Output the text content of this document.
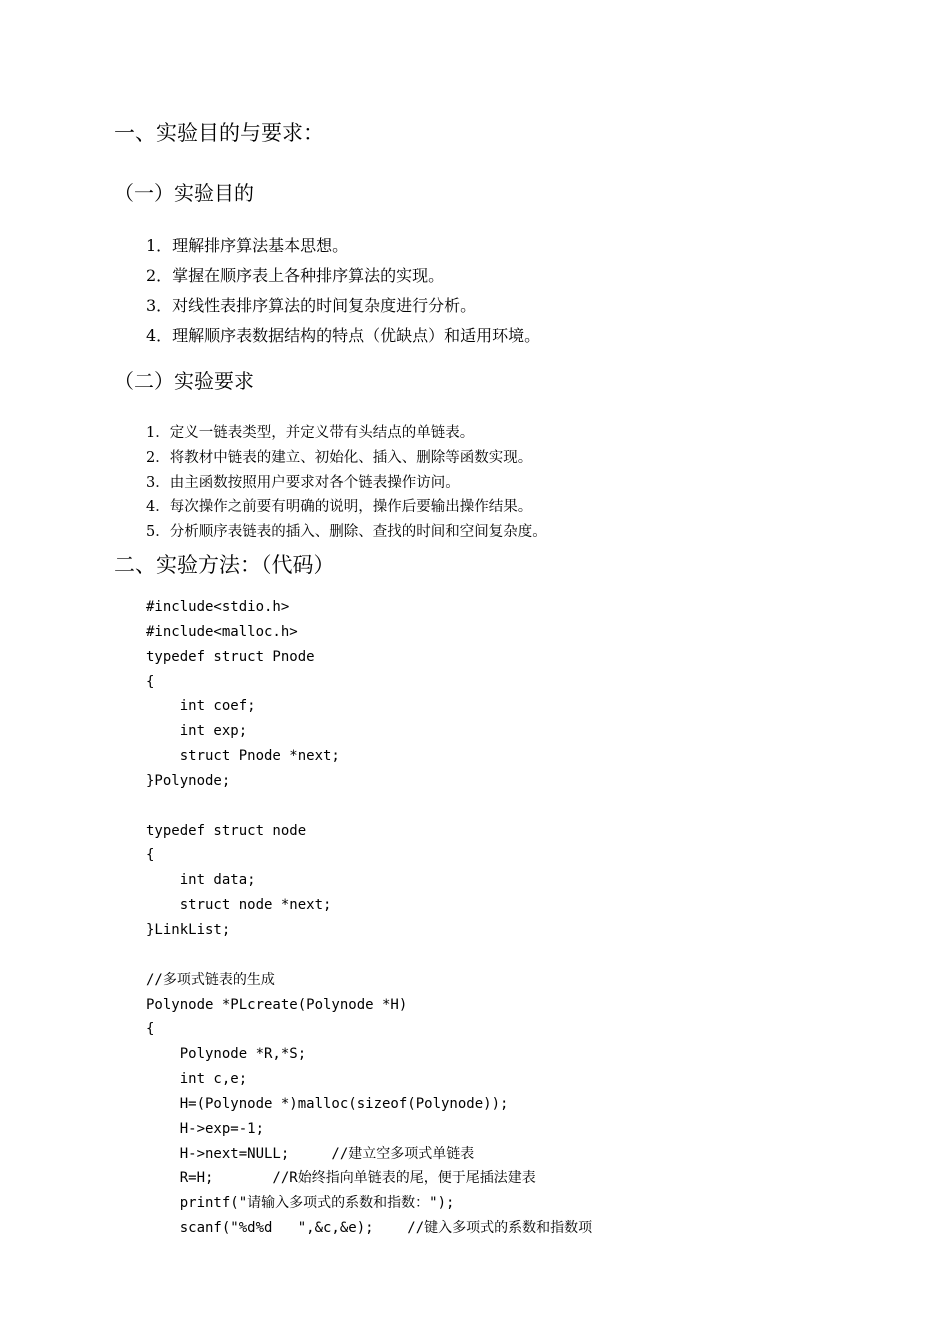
一、实验目的与要求：
（一）实验目的
1．理解排序算法基本思想。
2．掌握在顺序表上各种排序算法的实现。
3．对线性表排序算法的时间复杂度进行分析。
4．理解顺序表数据结构的特点（优缺点）和适用环境。
（二）实验要求
1．定义一链表类型，并定义带有头结点的单链表。
2．将教材中链表的建立、初始化、插入、删除等函数实现。
3．由主函数按照用户要求对各个链表操作访问。
4．每次操作之前要有明确的说明，操作后要输出操作结果。
5．分析顺序表链表的插入、删除、查找的时间和空间复杂度。
二、实验方法：（代码）
#include<stdio.h>
#include<malloc.h>
typedef struct Pnode
{
int coef;
int exp;
struct Pnode *next;
}Polynode;
typedef struct node
{
int data;
struct node *next;
}LinkList;
//多项式链表的生成
Polynode *PLcreate(Polynode *H)
{
Polynode *R,*S;
int c,e;
H=(Polynode *)malloc(sizeof(Polynode));
H->exp=-1;
H->next=NULL;     //建立空多项式单链表
R=H;       //R始终指向单链表的尾，便于尾插法建表
printf("请输入多项式的系数和指数：");
scanf("%d%d   ",&c,&e);    //键入多项式的系数和指数项
